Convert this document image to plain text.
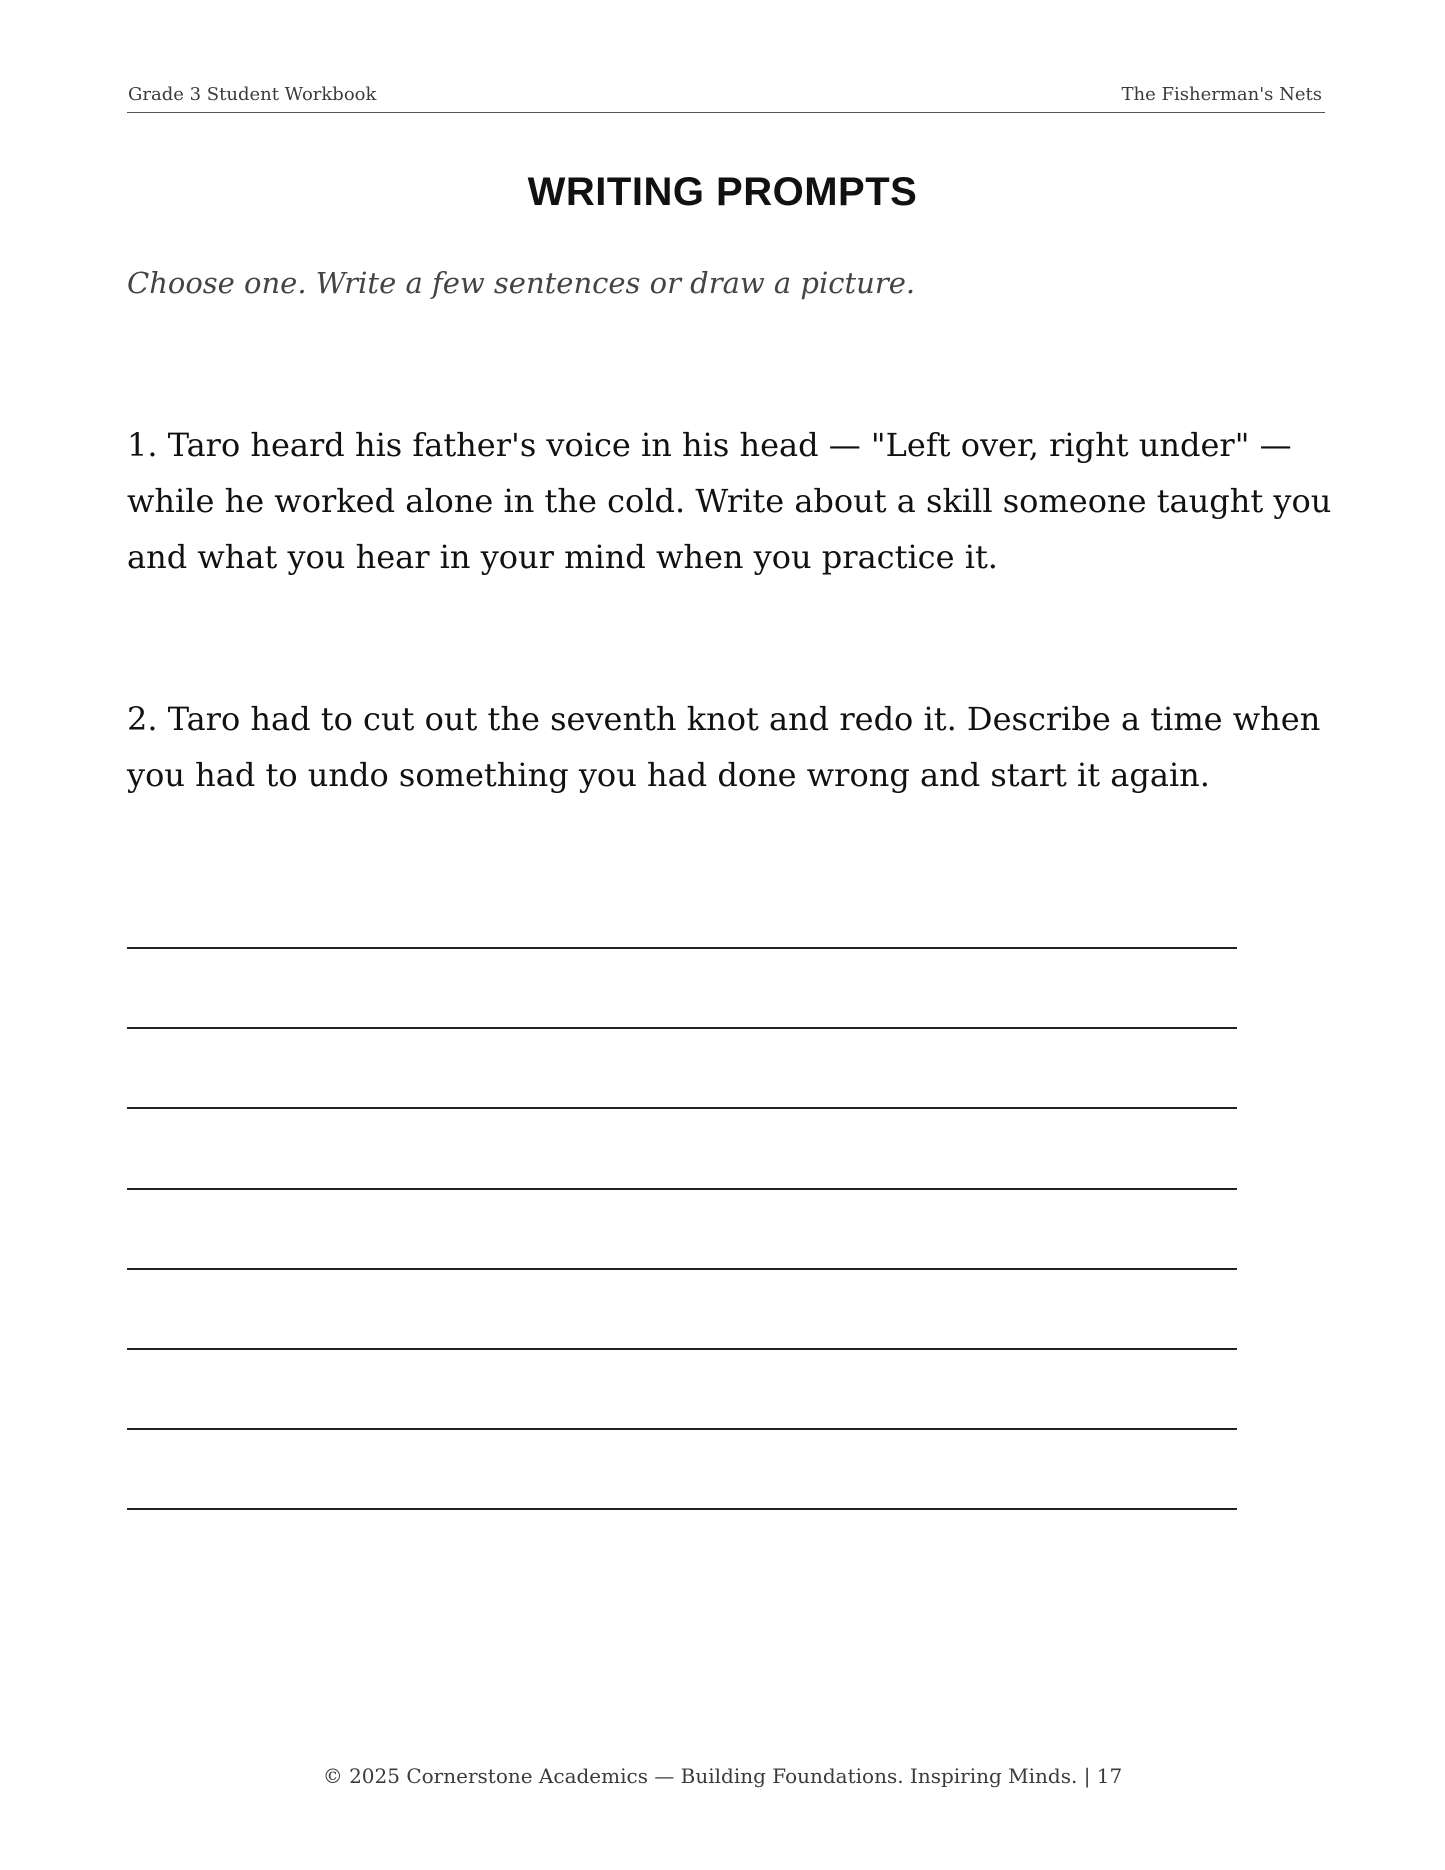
Grade 3 Student Workbook	The Fisherman's Nets
WRITING PROMPTS
Choose one. Write a few sentences or draw a picture.
1. Taro heard his father's voice in his head — "Left over, right under" — while he worked alone in the cold. Write about a skill someone taught you and what you hear in your mind when you practice it.
2. Taro had to cut out the seventh knot and redo it. Describe a time when you had to undo something you had done wrong and start it again.
© 2025 Cornerstone Academics — Building Foundations. Inspiring Minds. | 17
